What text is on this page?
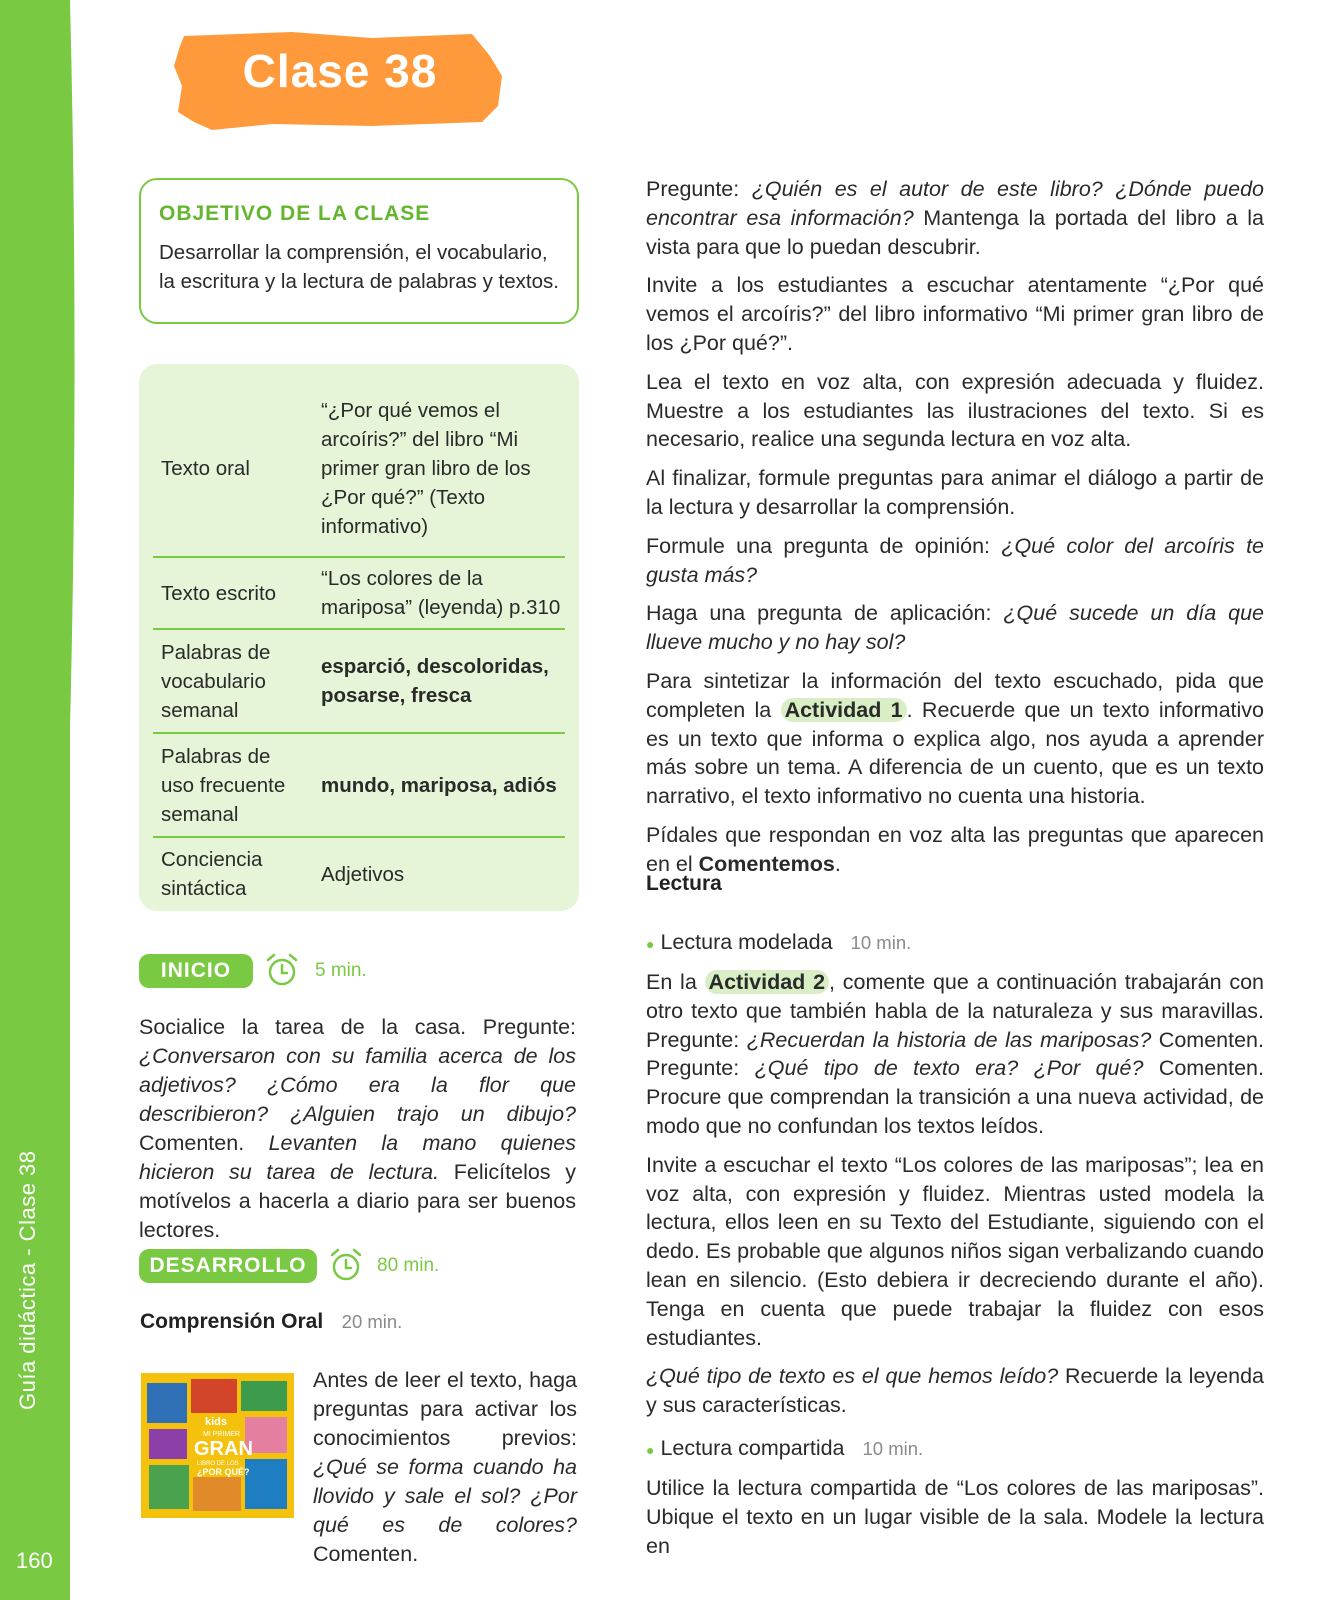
Guía didáctica - Clase 38
160
Clase 38
OBJETIVO DE LA CLASE

Desarrollar la comprensión, el vocabulario, la escritura y la lectura de palabras y textos.

Texto oral
“¿Por qué vemos el arcoíris?” del libro “Mi primer gran libro de los ¿Por qué?” (Texto informativo)
Texto escrito
“Los colores de la mariposa” (leyenda) p.310
Palabras de vocabulario semanal
esparció, descoloridas, posarse, fresca
Palabras de uso frecuente semanal
mundo, mariposa, adiós
Conciencia sintáctica
Adjetivos
INICIO	5 min.

Socialice la tarea de la casa. Pregunte: ¿Conversaron con su familia acerca de los adjetivos? ¿Cómo era la flor que describieron? ¿Alguien trajo un dibujo? Comenten. Levanten la mano quienes hicieron su tarea de lectura. Felicítelos y motívelos a hacerla a diario para ser buenos lectores.

DESARROLLO	80 min.
Comprensión Oral 20 min.
kids
MI PRIMER
GRAN
LIBRO DE LOS
¿POR QUÉ?

Antes de leer el texto, haga preguntas para activar los conocimientos previos: ¿Qué se forma cuando ha llovido y sale el sol? ¿Por qué es de colores? Comenten.

Pregunte: ¿Quién es el autor de este libro? ¿Dónde puedo encontrar esa información? Mantenga la portada del libro a la vista para que lo puedan descubrir.

Invite a los estudiantes a escuchar atentamente “¿Por qué vemos el arcoíris?” del libro informativo “Mi primer gran libro de los ¿Por qué?”.

Lea el texto en voz alta, con expresión adecuada y fluidez. Muestre a los estudiantes las ilustraciones del texto. Si es necesario, realice una segunda lectura en voz alta.

Al finalizar, formule preguntas para animar el diálogo a partir de la lectura y desarrollar la comprensión.

Formule una pregunta de opinión: ¿Qué color del arcoíris te gusta más?

Haga una pregunta de aplicación: ¿Qué sucede un día que llueve mucho y no hay sol?

Para sintetizar la información del texto escuchado, pida que completen la Actividad 1 . Recuerde que un texto informativo es un texto que informa o explica algo, nos ayuda a aprender más sobre un tema. A diferencia de un cuento, que es un texto narrativo, el texto informativo no cuenta una historia.

Pídales que respondan en voz alta las preguntas que aparecen en el Comentemos.

Lectura
● Lectura modelada 10 min.

En la Actividad 2 , comente que a continuación trabajarán con otro texto que también habla de la naturaleza y sus maravillas. Pregunte: ¿Recuerdan la historia de las mariposas? Comenten. Pregunte: ¿Qué tipo de texto era? ¿Por qué? Comenten. Procure que comprendan la transición a una nueva actividad, de modo que no confundan los textos leídos.

Invite a escuchar el texto “Los colores de las mariposas”; lea en voz alta, con expresión y fluidez. Mientras usted modela la lectura, ellos leen en su Texto del Estudiante, siguiendo con el dedo. Es probable que algunos niños sigan verbalizando cuando lean en silencio. (Esto debiera ir decreciendo durante el año). Tenga en cuenta que puede trabajar la fluidez con esos estudiantes.

¿Qué tipo de texto es el que hemos leído? Recuerde la leyenda y sus características.

● Lectura compartida 10 min.

Utilice la lectura compartida de “Los colores de las mariposas”. Ubique el texto en un lugar visible de la sala. Modele la lectura en
